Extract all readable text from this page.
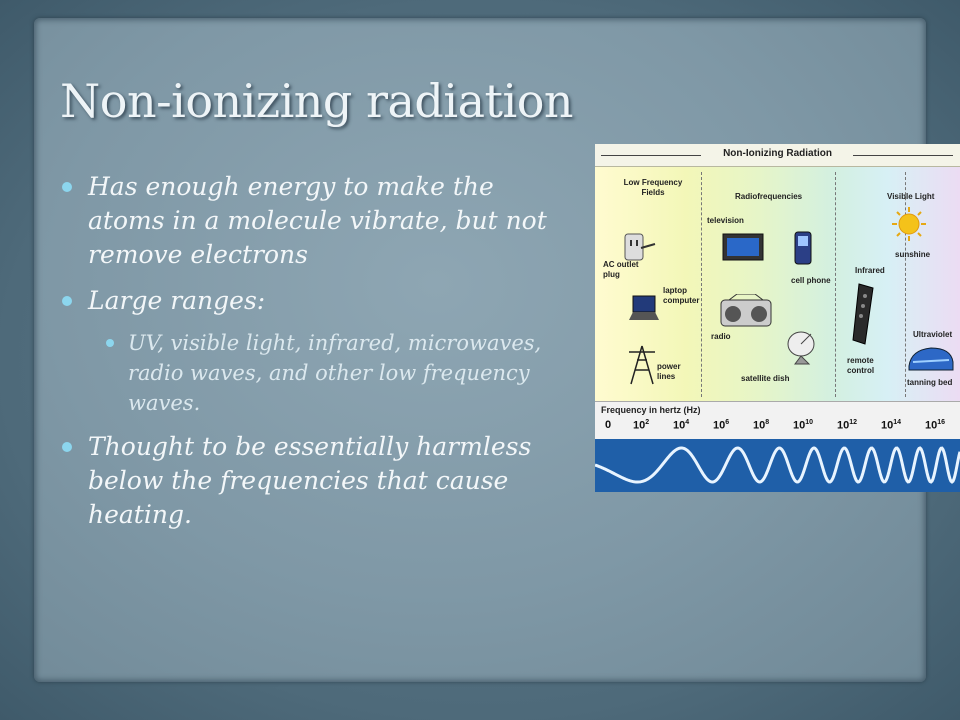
Non-ionizing radiation
Has enough energy to make the atoms in a molecule vibrate, but not remove electrons
Large ranges:
UV, visible light, infrared, microwaves, radio waves, and other low frequency waves.
Thought to be essentially harmless below the frequencies that cause heating.
Non-Ionizing Radiation
Low Frequency Fields	Radiofrequencies	Visible Light
Infrared
Ultraviolet
AC outlet plug
laptop computer
power lines
television
cell phone
radio
satellite dish
sunshine
remote control
tanning bed
Frequency in hertz (Hz)
0 $10^2$ $10^4$ $10^6$ $10^8$ $10^{10}$ $10^{12}$ $10^{14}$ $10^{16}$
